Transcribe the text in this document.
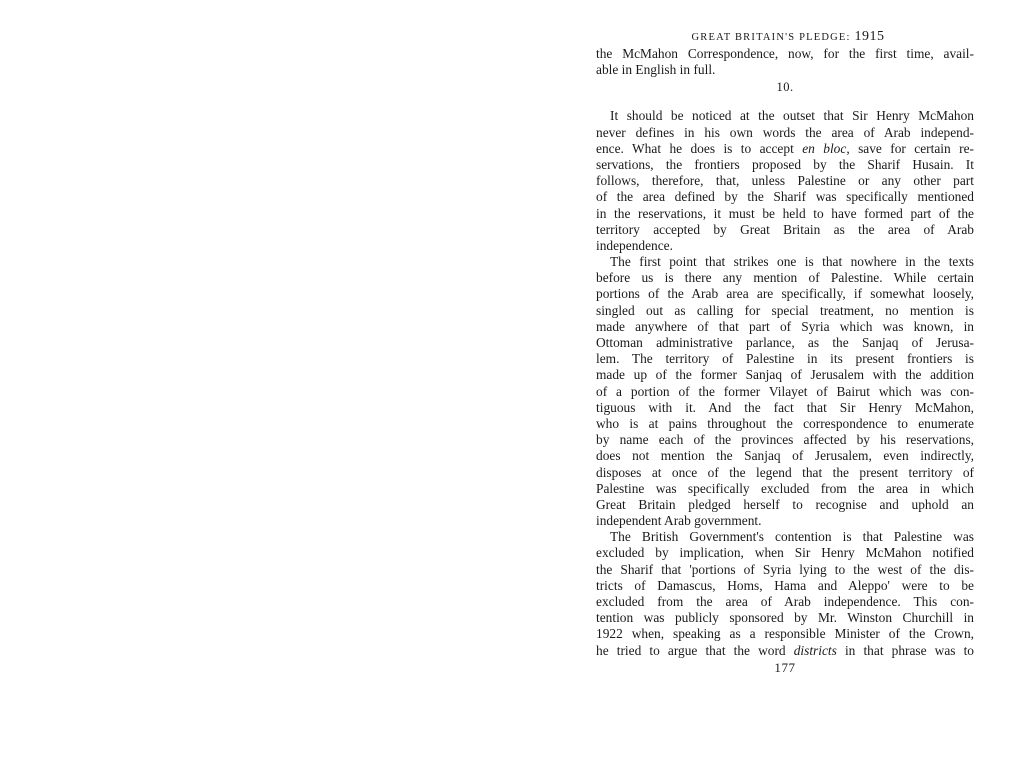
GREAT BRITAIN'S PLEDGE: 1915
the McMahon Correspondence, now, for the first time, avail-
able in English in full.
10.
It should be noticed at the outset that Sir Henry McMahon
never defines in his own words the area of Arab independ-
ence. What he does is to accept en bloc, save for certain re-
servations, the frontiers proposed by the Sharif Husain. It
follows, therefore, that, unless Palestine or any other part
of the area defined by the Sharif was specifically mentioned
in the reservations, it must be held to have formed part of the
territory accepted by Great Britain as the area of Arab
independence.
The first point that strikes one is that nowhere in the texts
before us is there any mention of Palestine. While certain
portions of the Arab area are specifically, if somewhat loosely,
singled out as calling for special treatment, no mention is
made anywhere of that part of Syria which was known, in
Ottoman administrative parlance, as the Sanjaq of Jerusa-
lem. The territory of Palestine in its present frontiers is
made up of the former Sanjaq of Jerusalem with the addition
of a portion of the former Vilayet of Bairut which was con-
tiguous with it. And the fact that Sir Henry McMahon,
who is at pains throughout the correspondence to enumerate
by name each of the provinces affected by his reservations,
does not mention the Sanjaq of Jerusalem, even indirectly,
disposes at once of the legend that the present territory of
Palestine was specifically excluded from the area in which
Great Britain pledged herself to recognise and uphold an
independent Arab government.
The British Government's contention is that Palestine was
excluded by implication, when Sir Henry McMahon notified
the Sharif that 'portions of Syria lying to the west of the dis-
tricts of Damascus, Homs, Hama and Aleppo' were to be
excluded from the area of Arab independence. This con-
tention was publicly sponsored by Mr. Winston Churchill in
1922 when, speaking as a responsible Minister of the Crown,
he tried to argue that the word districts in that phrase was to
177
